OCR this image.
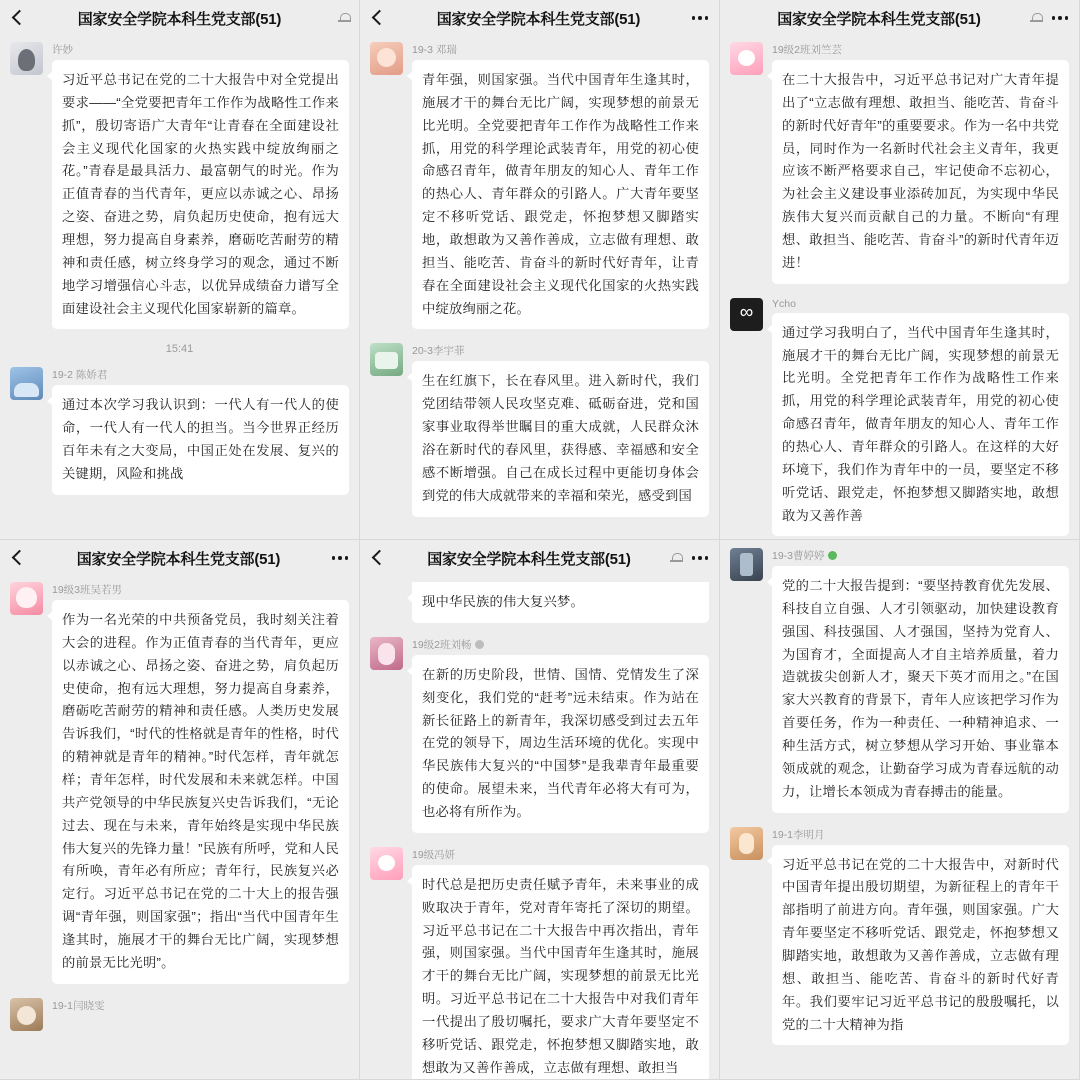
国家安全学院本科生党支部(51)
许妙
习近平总书记在党的二十大报告中对全党提出要求——“全党要把青年工作作为战略性工作来抓”，殷切寄语广大青年“让青春在全面建设社会主义现代化国家的火热实践中绽放绚丽之花。”青春是最具活力、最富朝气的时光。作为正值青春的当代青年，更应以赤诚之心、昂扬之姿、奋进之势，肩负起历史使命，抱有远大理想，努力提高自身素养，磨砺吃苦耐劳的精神和责任感，树立终身学习的观念，通过不断地学习增强信心斗志，以优异成绩奋力谱写全面建设社会主义现代化国家崭新的篇章。
15:41
19-2 陈娇君
通过本次学习我认识到：一代人有一代人的使命，一代人有一代人的担当。当今世界正经历百年未有之大变局，中国正处在发展、复兴的关键期，风险和挑战
国家安全学院本科生党支部(51)
19-3 邓瑞
青年强，则国家强。当代中国青年生逢其时，施展才干的舞台无比广阔，实现梦想的前景无比光明。全党要把青年工作作为战略性工作来抓，用党的科学理论武装青年，用党的初心使命感召青年，做青年朋友的知心人、青年工作的热心人、青年群众的引路人。广大青年要坚定不移听党话、跟党走，怀抱梦想又脚踏实地，敢想敢为又善作善成，立志做有理想、敢担当、能吃苦、肯奋斗的新时代好青年，让青春在全面建设社会主义现代化国家的火热实践中绽放绚丽之花。
20-3李宇菲
生在红旗下，长在春风里。进入新时代，我们党团结带领人民攻坚克难、砥砺奋进，党和国家事业取得举世瞩目的重大成就，人民群众沐浴在新时代的春风里，获得感、幸福感和安全感不断增强。自己在成长过程中更能切身体会到党的伟大成就带来的幸福和荣光，感受到国
国家安全学院本科生党支部(51)
19级2班刘竺芸
在二十大报告中，习近平总书记对广大青年提出了“立志做有理想、敢担当、能吃苦、肯奋斗的新时代好青年”的重要要求。作为一名中共党员，同时作为一名新时代社会主义青年，我更应该不断严格要求自己，牢记使命不忘初心，为社会主义建设事业添砖加瓦，为实现中华民族伟大复兴而贡献自己的力量。不断向“有理想、敢担当、能吃苦、肯奋斗”的新时代青年迈进！
∞
Ycho
通过学习我明白了，当代中国青年生逢其时，施展才干的舞台无比广阔，实现梦想的前景无比光明。全党把青年工作作为战略性工作来抓，用党的科学理论武装青年，用党的初心使命感召青年，做青年朋友的知心人、青年工作的热心人、青年群众的引路人。在这样的大好环境下，我们作为青年中的一员，要坚定不移听党话、跟党走，怀抱梦想又脚踏实地，敢想敢为又善作善
国家安全学院本科生党支部(51)
19级3班吴若男
作为一名光荣的中共预备党员，我时刻关注着大会的进程。作为正值青春的当代青年，更应以赤诚之心、昂扬之姿、奋进之势，肩负起历史使命，抱有远大理想，努力提高自身素养，磨砺吃苦耐劳的精神和责任感。人类历史发展告诉我们，“时代的性格就是青年的性格，时代的精神就是青年的精神。”时代怎样，青年就怎样；青年怎样，时代发展和未来就怎样。中国共产党领导的中华民族复兴史告诉我们，“无论过去、现在与未来，青年始终是实现中华民族伟大复兴的先锋力量！”民族有所呼，党和人民有所唤，青年必有所应；青年行，民族复兴必定行。习近平总书记在党的二十大上的报告强调“青年强，则国家强”；指出“当代中国青年生逢其时，施展才干的舞台无比广阔，实现梦想的前景无比光明”。
19-1闫晓雯
国家安全学院本科生党支部(51)
现中华民族的伟大复兴梦。
19级2班刘畅
在新的历史阶段，世情、国情、党情发生了深刻变化，我们党的“赶考”远未结束。作为站在新长征路上的新青年，我深切感受到过去五年在党的领导下，周边生活环境的优化。实现中华民族伟大复兴的“中国梦”是我辈青年最重要的使命。展望未来，当代青年必将大有可为，也必将有所作为。
19级冯妍
时代总是把历史责任赋予青年，未来事业的成败取决于青年，党对青年寄托了深切的期望。习近平总书记在二十大报告中再次指出，青年强，则国家强。当代中国青年生逢其时，施展才干的舞台无比广阔，实现梦想的前景无比光明。习近平总书记在二十大报告中对我们青年一代提出了殷切嘱托，要求广大青年要坚定不移听党话、跟党走，怀抱梦想又脚踏实地，敢想敢为又善作善成，立志做有理想、敢担当
19-3曹婷婷
党的二十大报告提到：“要坚持教育优先发展、科技自立自强、人才引领驱动，加快建设教育强国、科技强国、人才强国，坚持为党育人、为国育才，全面提高人才自主培养质量，着力造就拔尖创新人才，聚天下英才而用之。”在国家大兴教育的背景下，青年人应该把学习作为首要任务，作为一种责任、一种精神追求、一种生活方式，树立梦想从学习开始、事业靠本领成就的观念，让勤奋学习成为青春远航的动力，让增长本领成为青春搏击的能量。
19-1李明月
习近平总书记在党的二十大报告中，对新时代中国青年提出殷切期望，为新征程上的青年干部指明了前进方向。青年强，则国家强。广大青年要坚定不移听党话、跟党走，怀抱梦想又脚踏实地，敢想敢为又善作善成，立志做有理想、敢担当、能吃苦、肯奋斗的新时代好青年。我们要牢记习近平总书记的殷殷嘱托，以党的二十大精神为指
